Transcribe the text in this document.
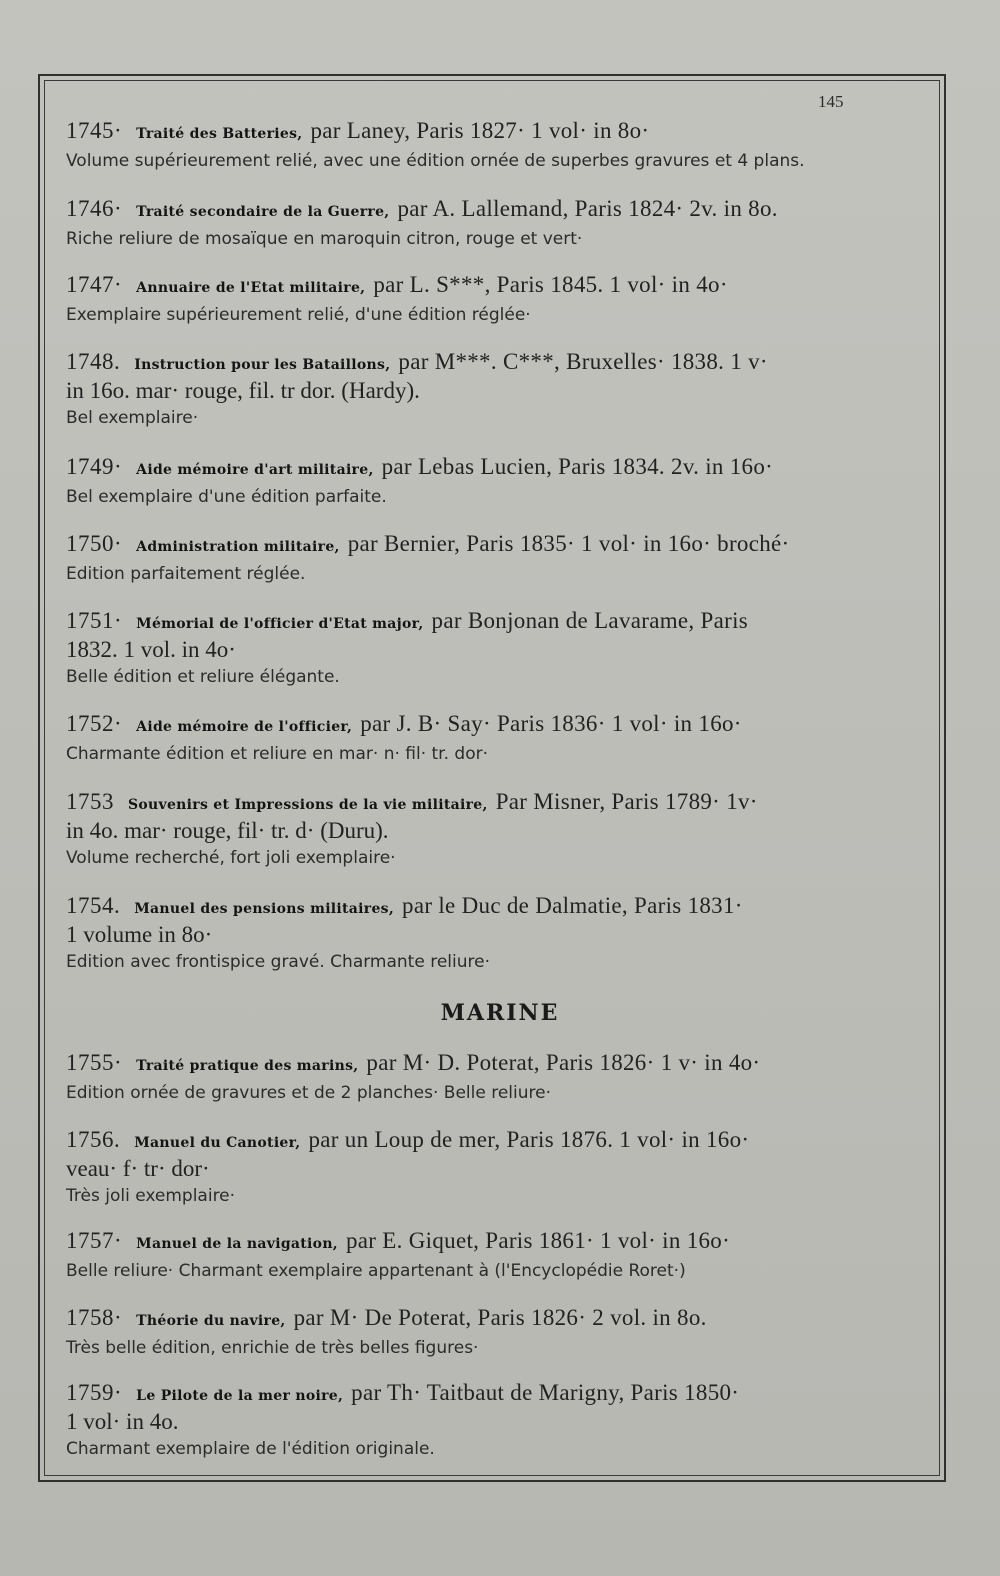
145
1745· Traité des Batteries, par Laney, Paris 1827· 1 vol· in 8o·
Volume supérieurement relié, avec une édition ornée de superbes gravures et 4 plans.
1746· Traité secondaire de la Guerre, par A. Lallemand, Paris 1824· 2v. in 8o.
Riche reliure de mosaïque en maroquin citron, rouge et vert·
1747· Annuaire de l'Etat militaire, par L. S***, Paris 1845. 1 vol· in 4o·
Exemplaire supérieurement relié, d'une édition réglée·
1748. Instruction pour les Bataillons, par M***. C***, Bruxelles· 1838. 1 v·
in 16o. mar· rouge, fil. tr dor. (Hardy).
Bel exemplaire·
1749· Aide mémoire d'art militaire, par Lebas Lucien, Paris 1834. 2v. in 16o·
Bel exemplaire d'une édition parfaite.
1750· Administration militaire, par Bernier, Paris 1835· 1 vol· in 16o· broché·
Edition parfaitement réglée.
1751· Mémorial de l'officier d'Etat major, par Bonjonan de Lavarame, Paris
1832. 1 vol. in 4o·
Belle édition et reliure élégante.
1752· Aide mémoire de l'officier, par J. B· Say· Paris 1836· 1 vol· in 16o·
Charmante édition et reliure en mar· n· fil· tr. dor·
1753 Souvenirs et Impressions de la vie militaire, Par Misner, Paris 1789· 1v·
in 4o. mar· rouge, fil· tr. d· (Duru).
Volume recherché, fort joli exemplaire·
1754. Manuel des pensions militaires, par le Duc de Dalmatie, Paris 1831·
1 volume in 8o·
Edition avec frontispice gravé. Charmante reliure·
MARINE
1755· Traité pratique des marins, par M· D. Poterat, Paris 1826· 1 v· in 4o·
Edition ornée de gravures et de 2 planches· Belle reliure·
1756. Manuel du Canotier, par un Loup de mer, Paris 1876. 1 vol· in 16o·
veau· f· tr· dor·
Très joli exemplaire·
1757· Manuel de la navigation, par E. Giquet, Paris 1861· 1 vol· in 16o·
Belle reliure· Charmant exemplaire appartenant à (l'Encyclopédie Roret·)
1758· Théorie du navire, par M· De Poterat, Paris 1826· 2 vol. in 8o.
Très belle édition, enrichie de très belles figures·
1759· Le Pilote de la mer noire, par Th· Taitbaut de Marigny, Paris 1850·
1 vol· in 4o.
Charmant exemplaire de l'édition originale.
